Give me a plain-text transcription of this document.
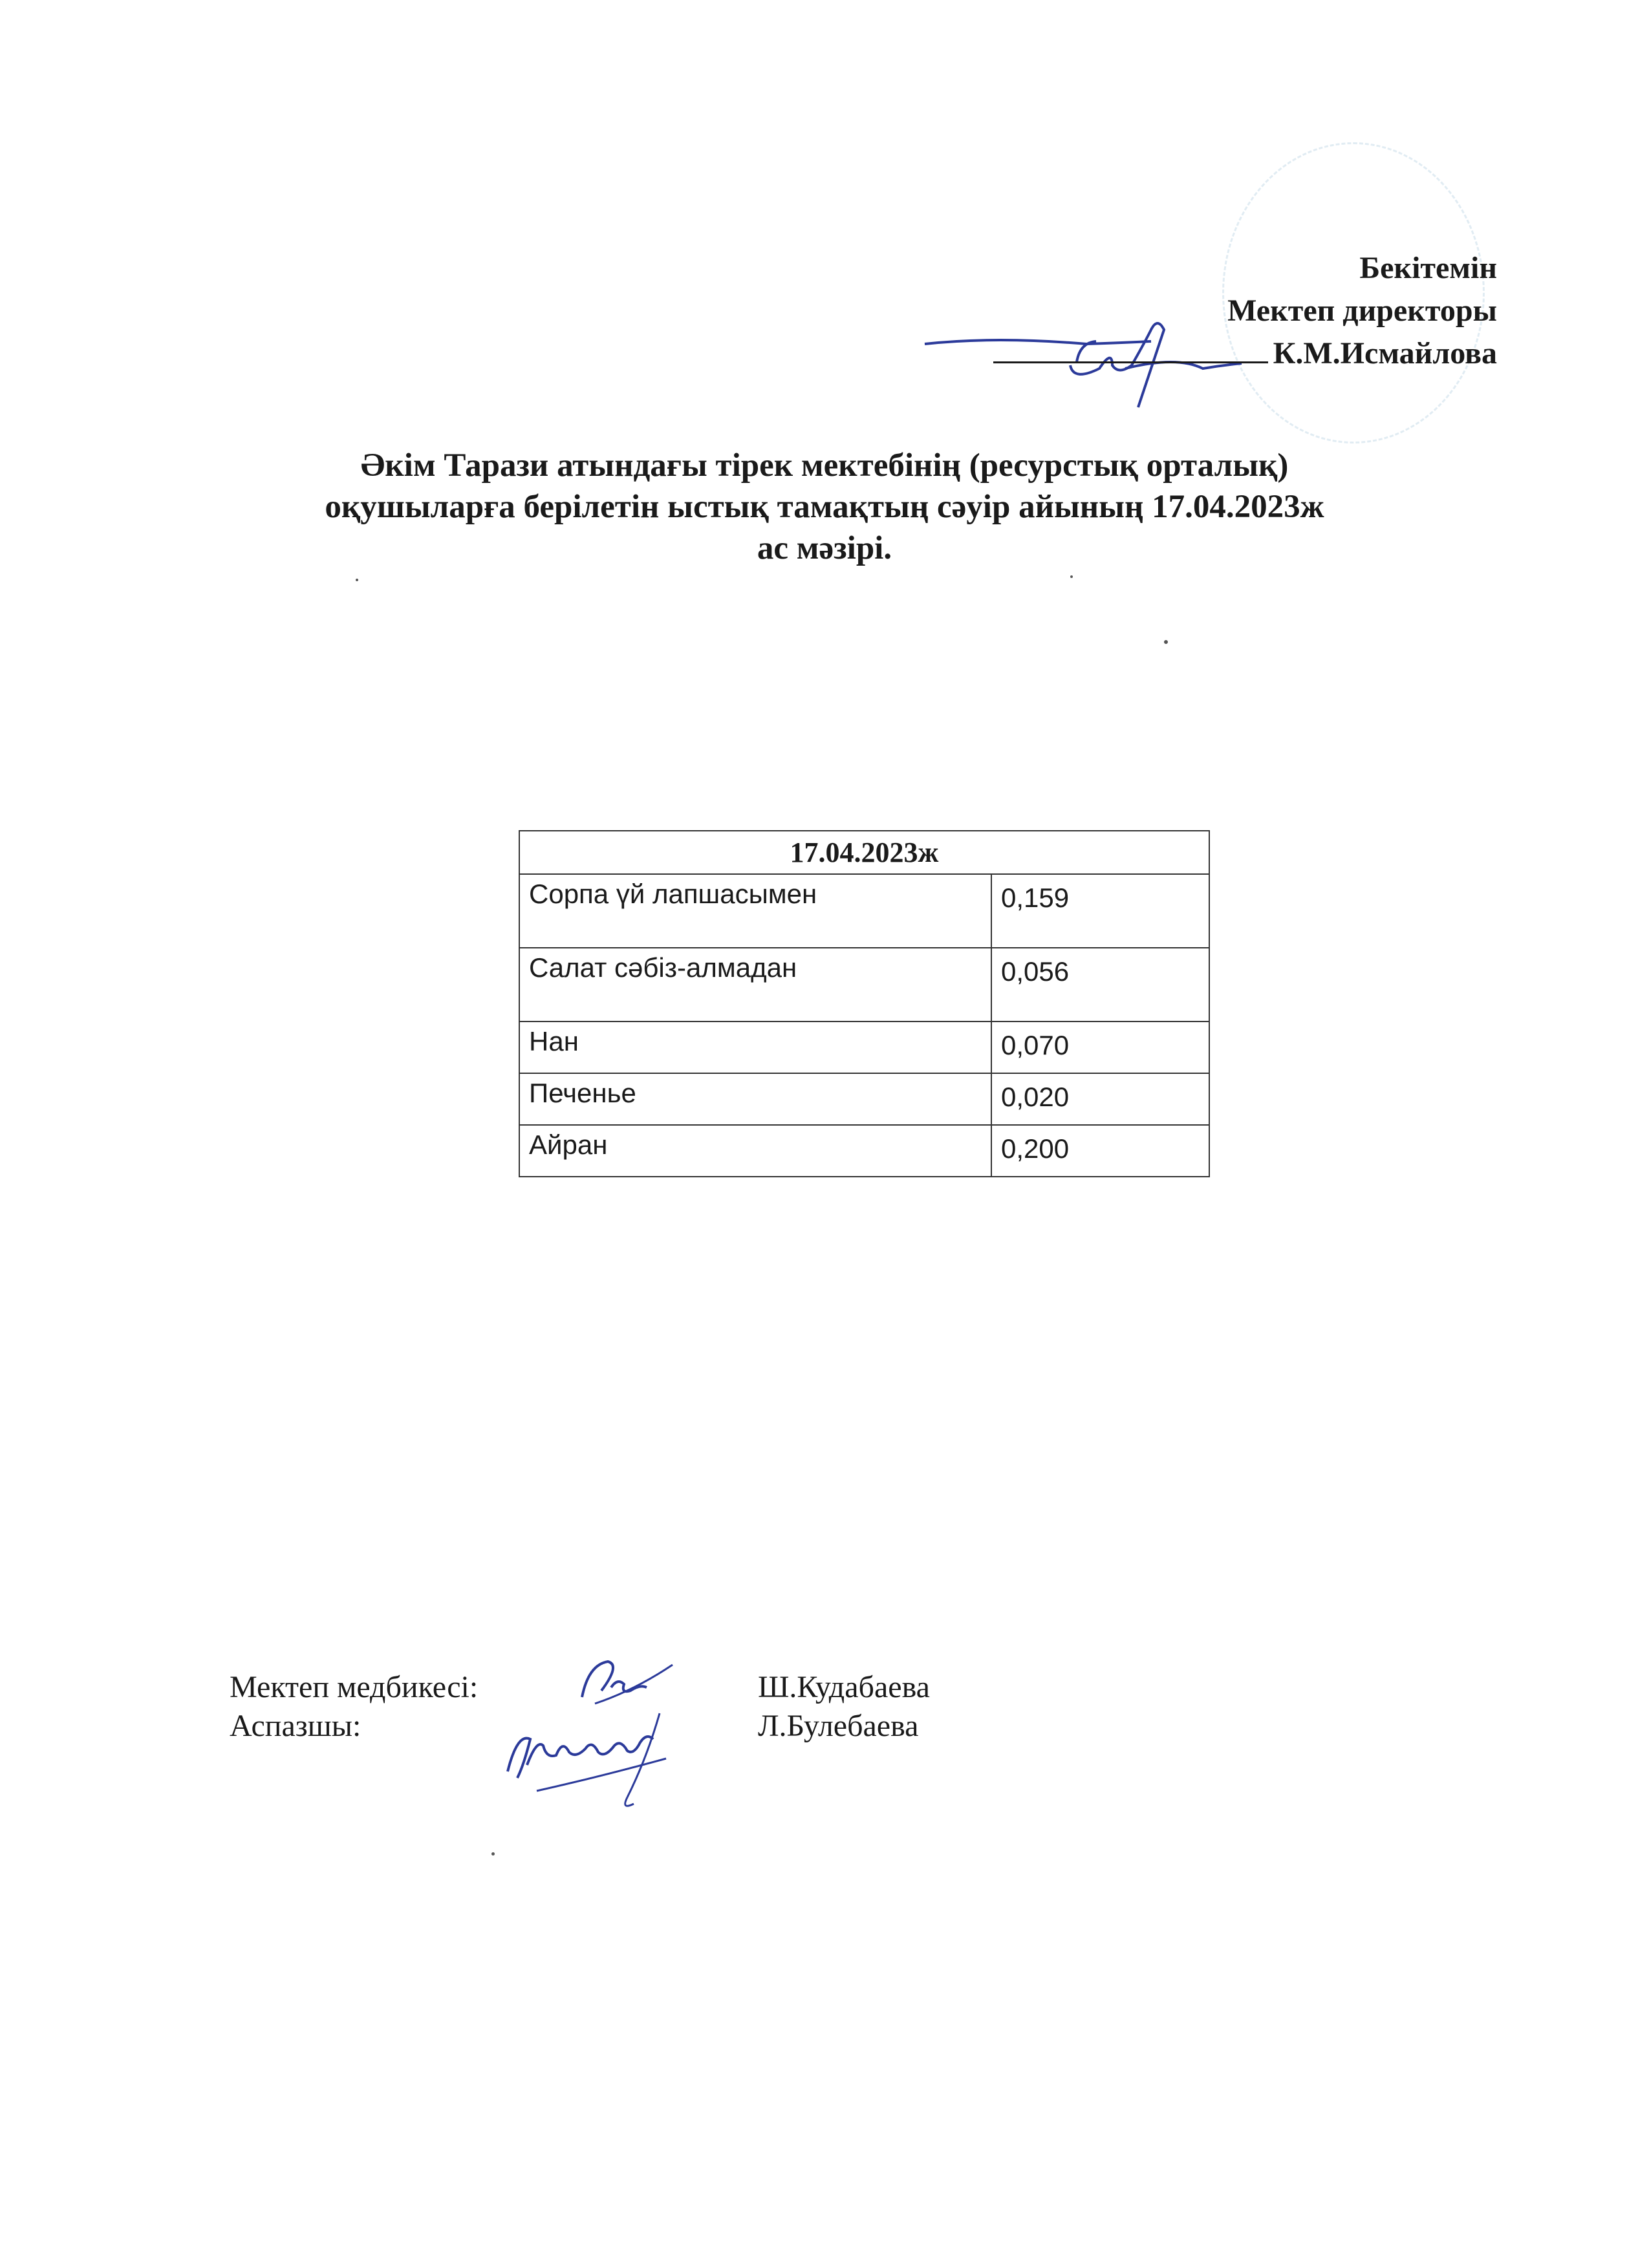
Бекітемін
Мектеп директоры
К.М.Исмайлова
Әкім Тарази атындағы тірек мектебінің (ресурстық орталық)
оқушыларға берілетін ыстық тамақтың сәуір айының 17.04.2023ж
ас мәзірі.
17.04.2023ж	
Сорпа үй лапшасымен	0,159
Салат сәбіз-алмадан	0,056
Нан	0,070
Печенье	0,020
Айран	0,200
Мектеп медбикесі:	Ш.Кудабаева
Аспазшы:	Л.Булебаева
